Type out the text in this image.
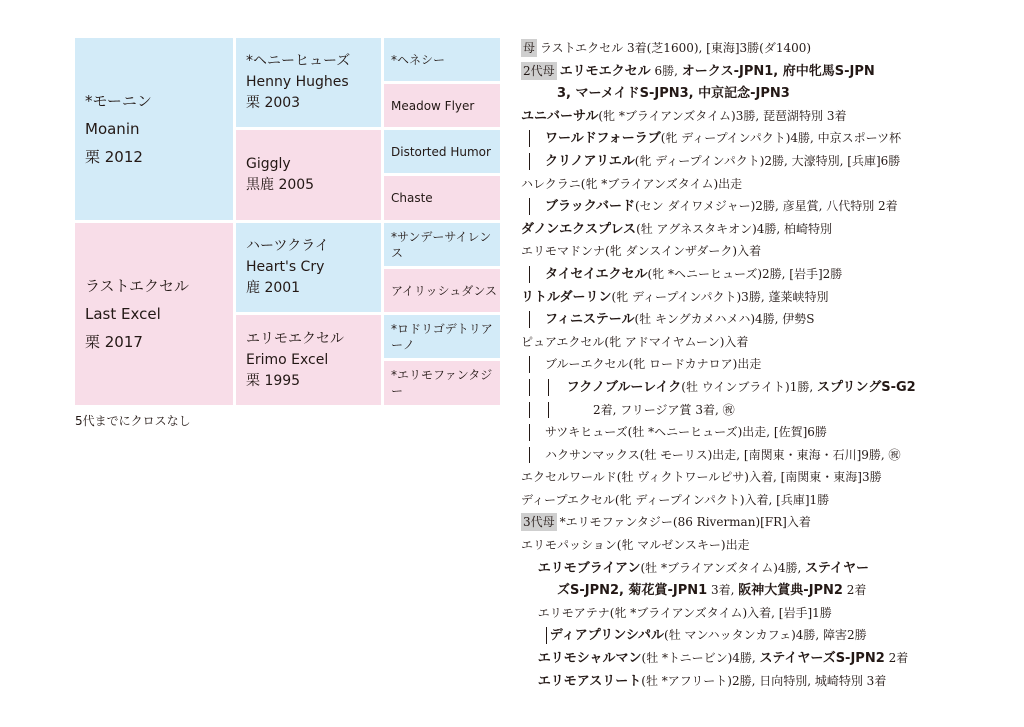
*モーニン
Moanin
栗 2012
ラストエクセル
Last Excel
栗 2017
*ヘニーヒューズ
Henny Hughes
栗 2003
Giggly
黒鹿 2005
ハーツクライ
Heart's Cry
鹿 2001
エリモエクセル
Erimo Excel
栗 1995
*ヘネシー
Meadow Flyer
Distorted Humor
Chaste
*サンデーサイレンス
アイリッシュダンス
*ロドリゴデトリアーノ
*エリモファンタジー
5代までにクロスなし
母 ラストエクセル 3着(芝1600), [東海]3勝(ダ1400)
2代母 エリモエクセル 6勝, オークス-JPN1, 府中牝馬S-JPN
3, マーメイドS-JPN3, 中京記念-JPN3
ユニバーサル(牝 *ブライアンズタイム)3勝, 琵琶湖特別 3着
ワールドフォーラブ(牝 ディープインパクト)4勝, 中京スポーツ杯
クリノアリエル(牝 ディープインパクト)2勝, 大濠特別, [兵庫]6勝
ハレクラニ(牝 *ブライアンズタイム)出走
ブラックバード(セン ダイワメジャー)2勝, 彦星賞, 八代特別 2着
ダノンエクスプレス(牡 アグネスタキオン)4勝, 柏崎特別
エリモマドンナ(牝 ダンスインザダーク)入着
タイセイエクセル(牝 *ヘニーヒューズ)2勝, [岩手]2勝
リトルダーリン(牝 ディープインパクト)3勝, 蓬莱峡特別
フィニステール(牡 キングカメハメハ)4勝, 伊勢S
ピュアエクセル(牝 アドマイヤムーン)入着
ブルーエクセル(牝 ロードカナロア)出走
フクノブルーレイク(牡 ウインブライト)1勝, スプリングS-G2
2着, フリージア賞 3着, ㊗
サツキヒューズ(牡 *ヘニーヒューズ)出走, [佐賀]6勝
ハクサンマックス(牡 モーリス)出走, [南関東・東海・石川]9勝, ㊗
エクセルワールド(牡 ヴィクトワールピサ)入着, [南関東・東海]3勝
ディープエクセル(牝 ディープインパクト)入着, [兵庫]1勝
3代母 *エリモファンタジー(86 Riverman)[FR]入着
エリモパッション(牝 マルゼンスキー)出走
エリモブライアン(牡 *ブライアンズタイム)4勝, ステイヤー
ズS-JPN2, 菊花賞-JPN1 3着, 阪神大賞典-JPN2 2着
エリモアテナ(牝 *ブライアンズタイム)入着, [岩手]1勝
ディアプリンシパル(牡 マンハッタンカフェ)4勝, 障害2勝
エリモシャルマン(牡 *トニービン)4勝, ステイヤーズS-JPN2 2着
エリモアスリート(牡 *アフリート)2勝, 日向特別, 城崎特別 3着
